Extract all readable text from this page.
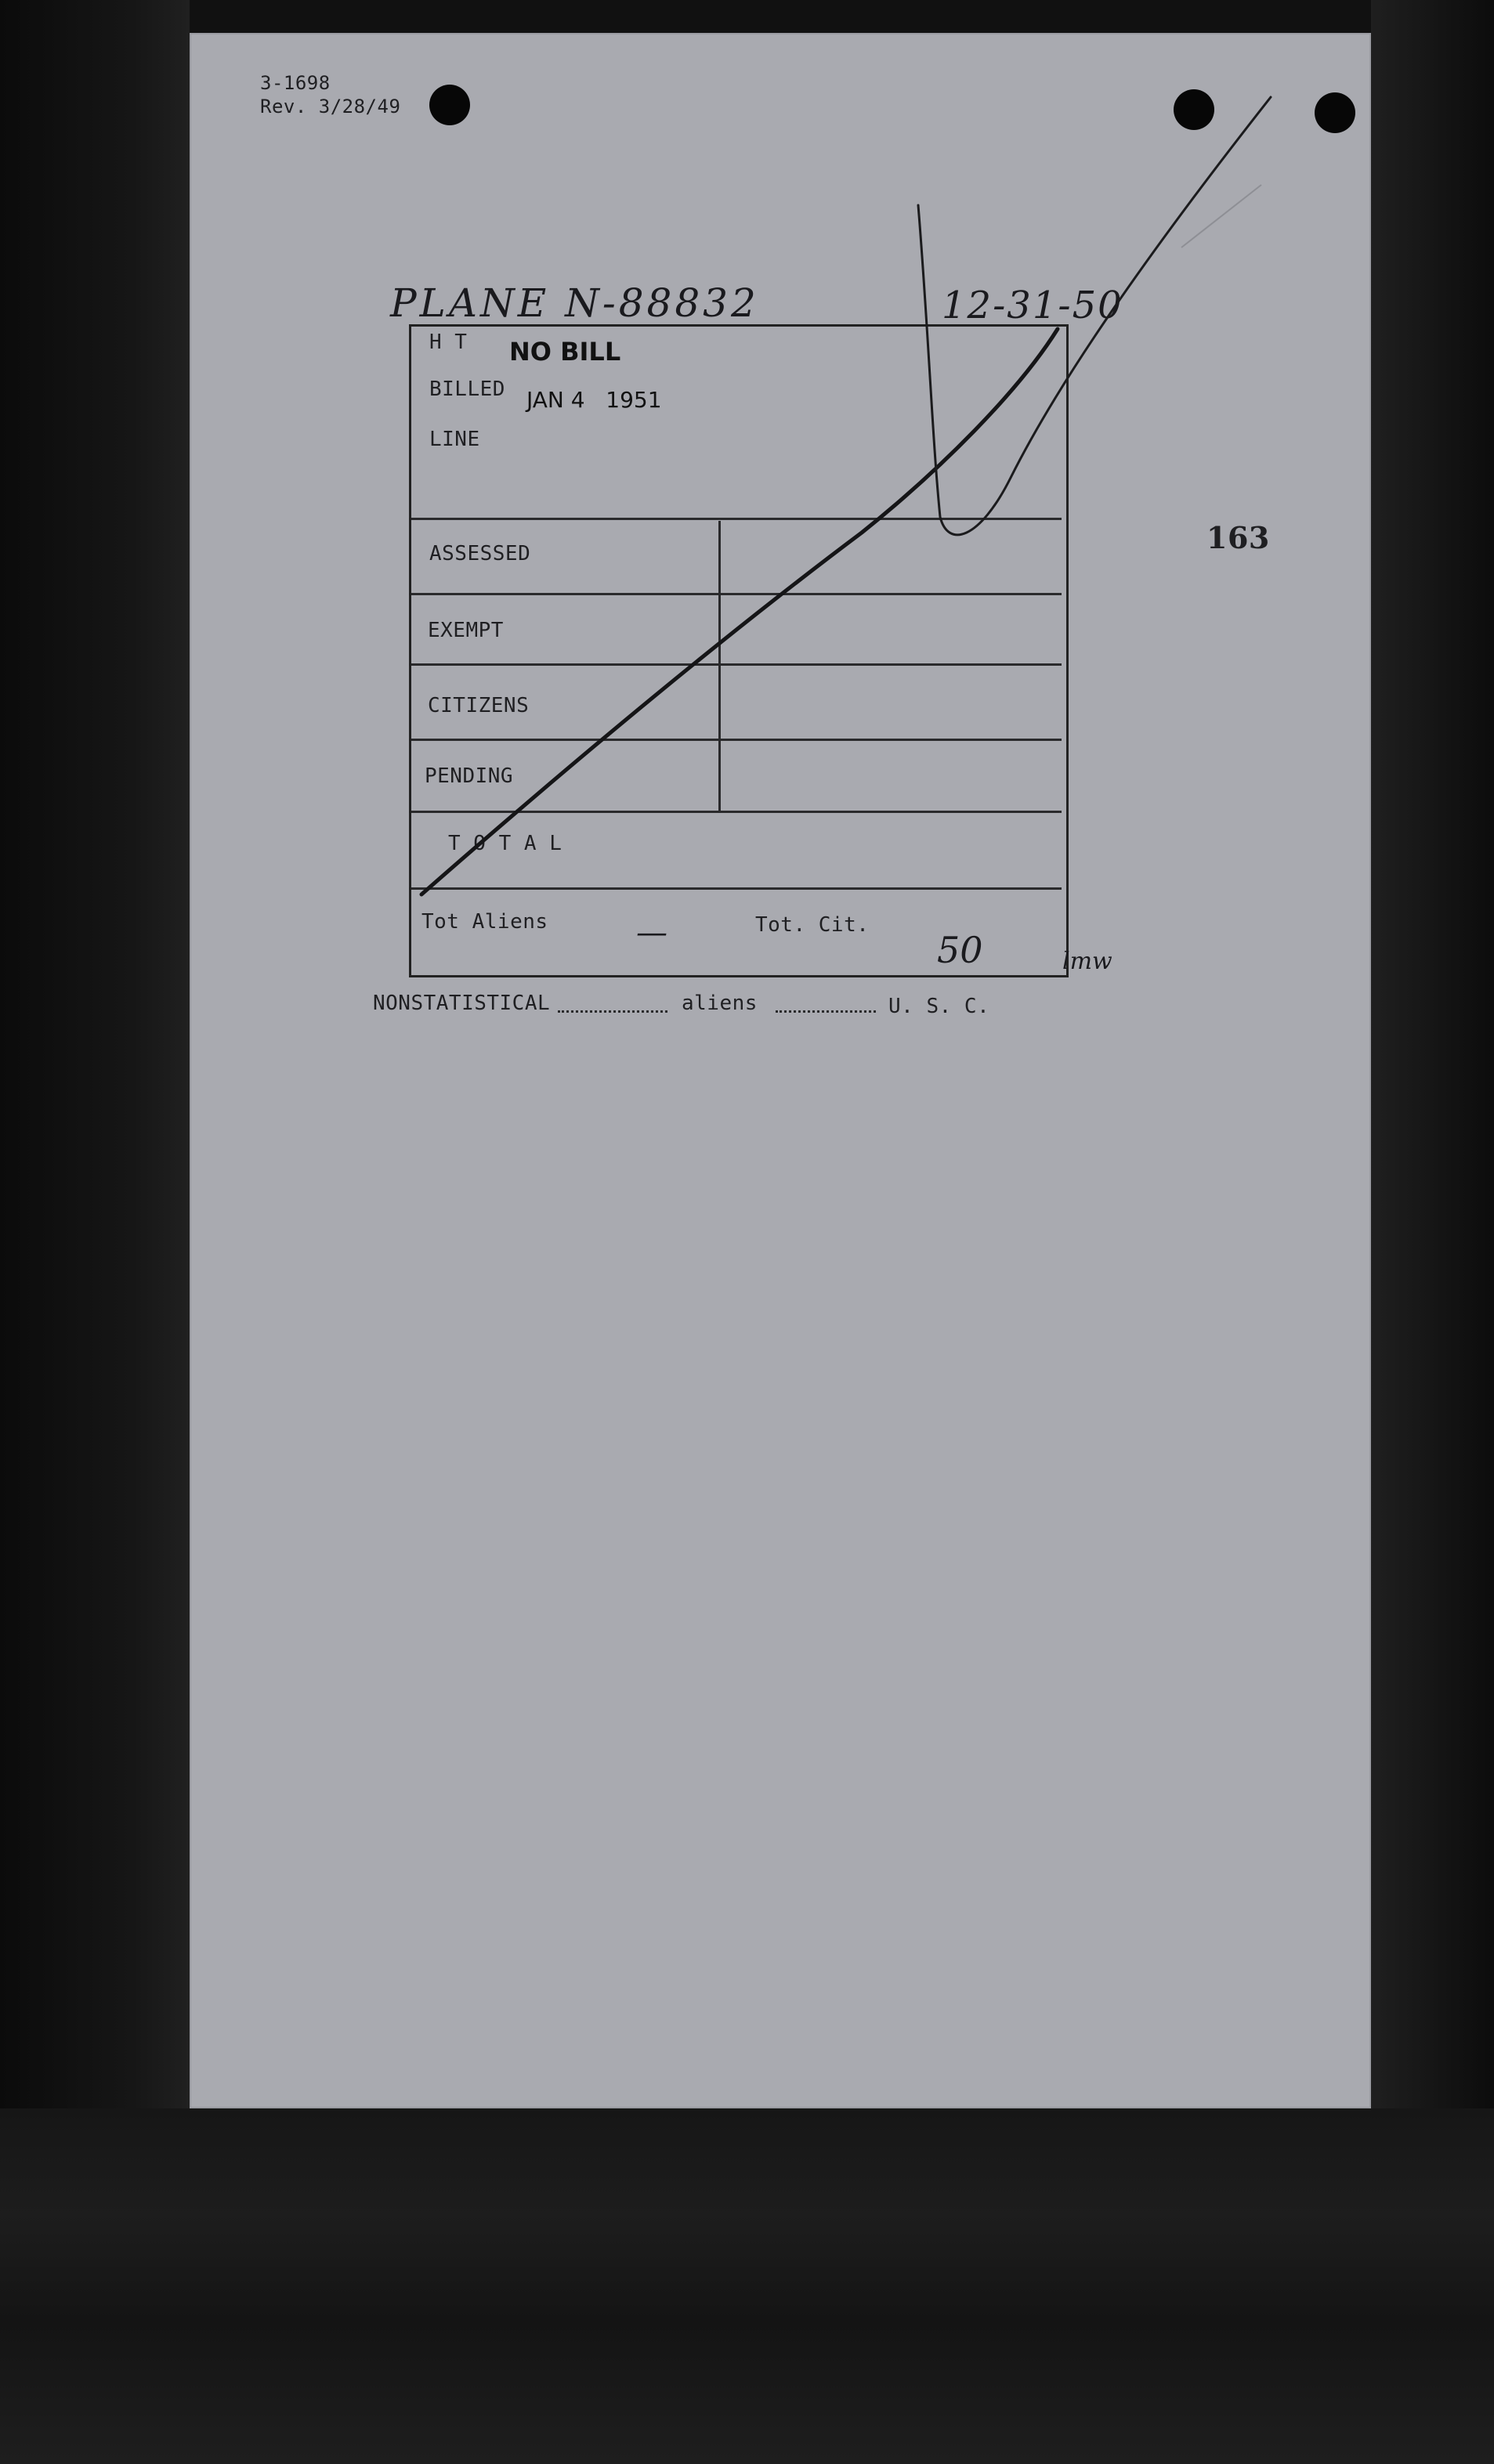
3-1698
Rev. 3/28/49
163
PLANE N-88832	12-31-50
H T
BILLED
LINE
ASSESSED
EXEMPT
CITIZENS
PENDING
T O T A L
Tot Aliens	Tot. Cit.
NO BILL
JAN 4   1951
—	50	lmw
NONSTATISTICAL	aliens	U. S. C.
